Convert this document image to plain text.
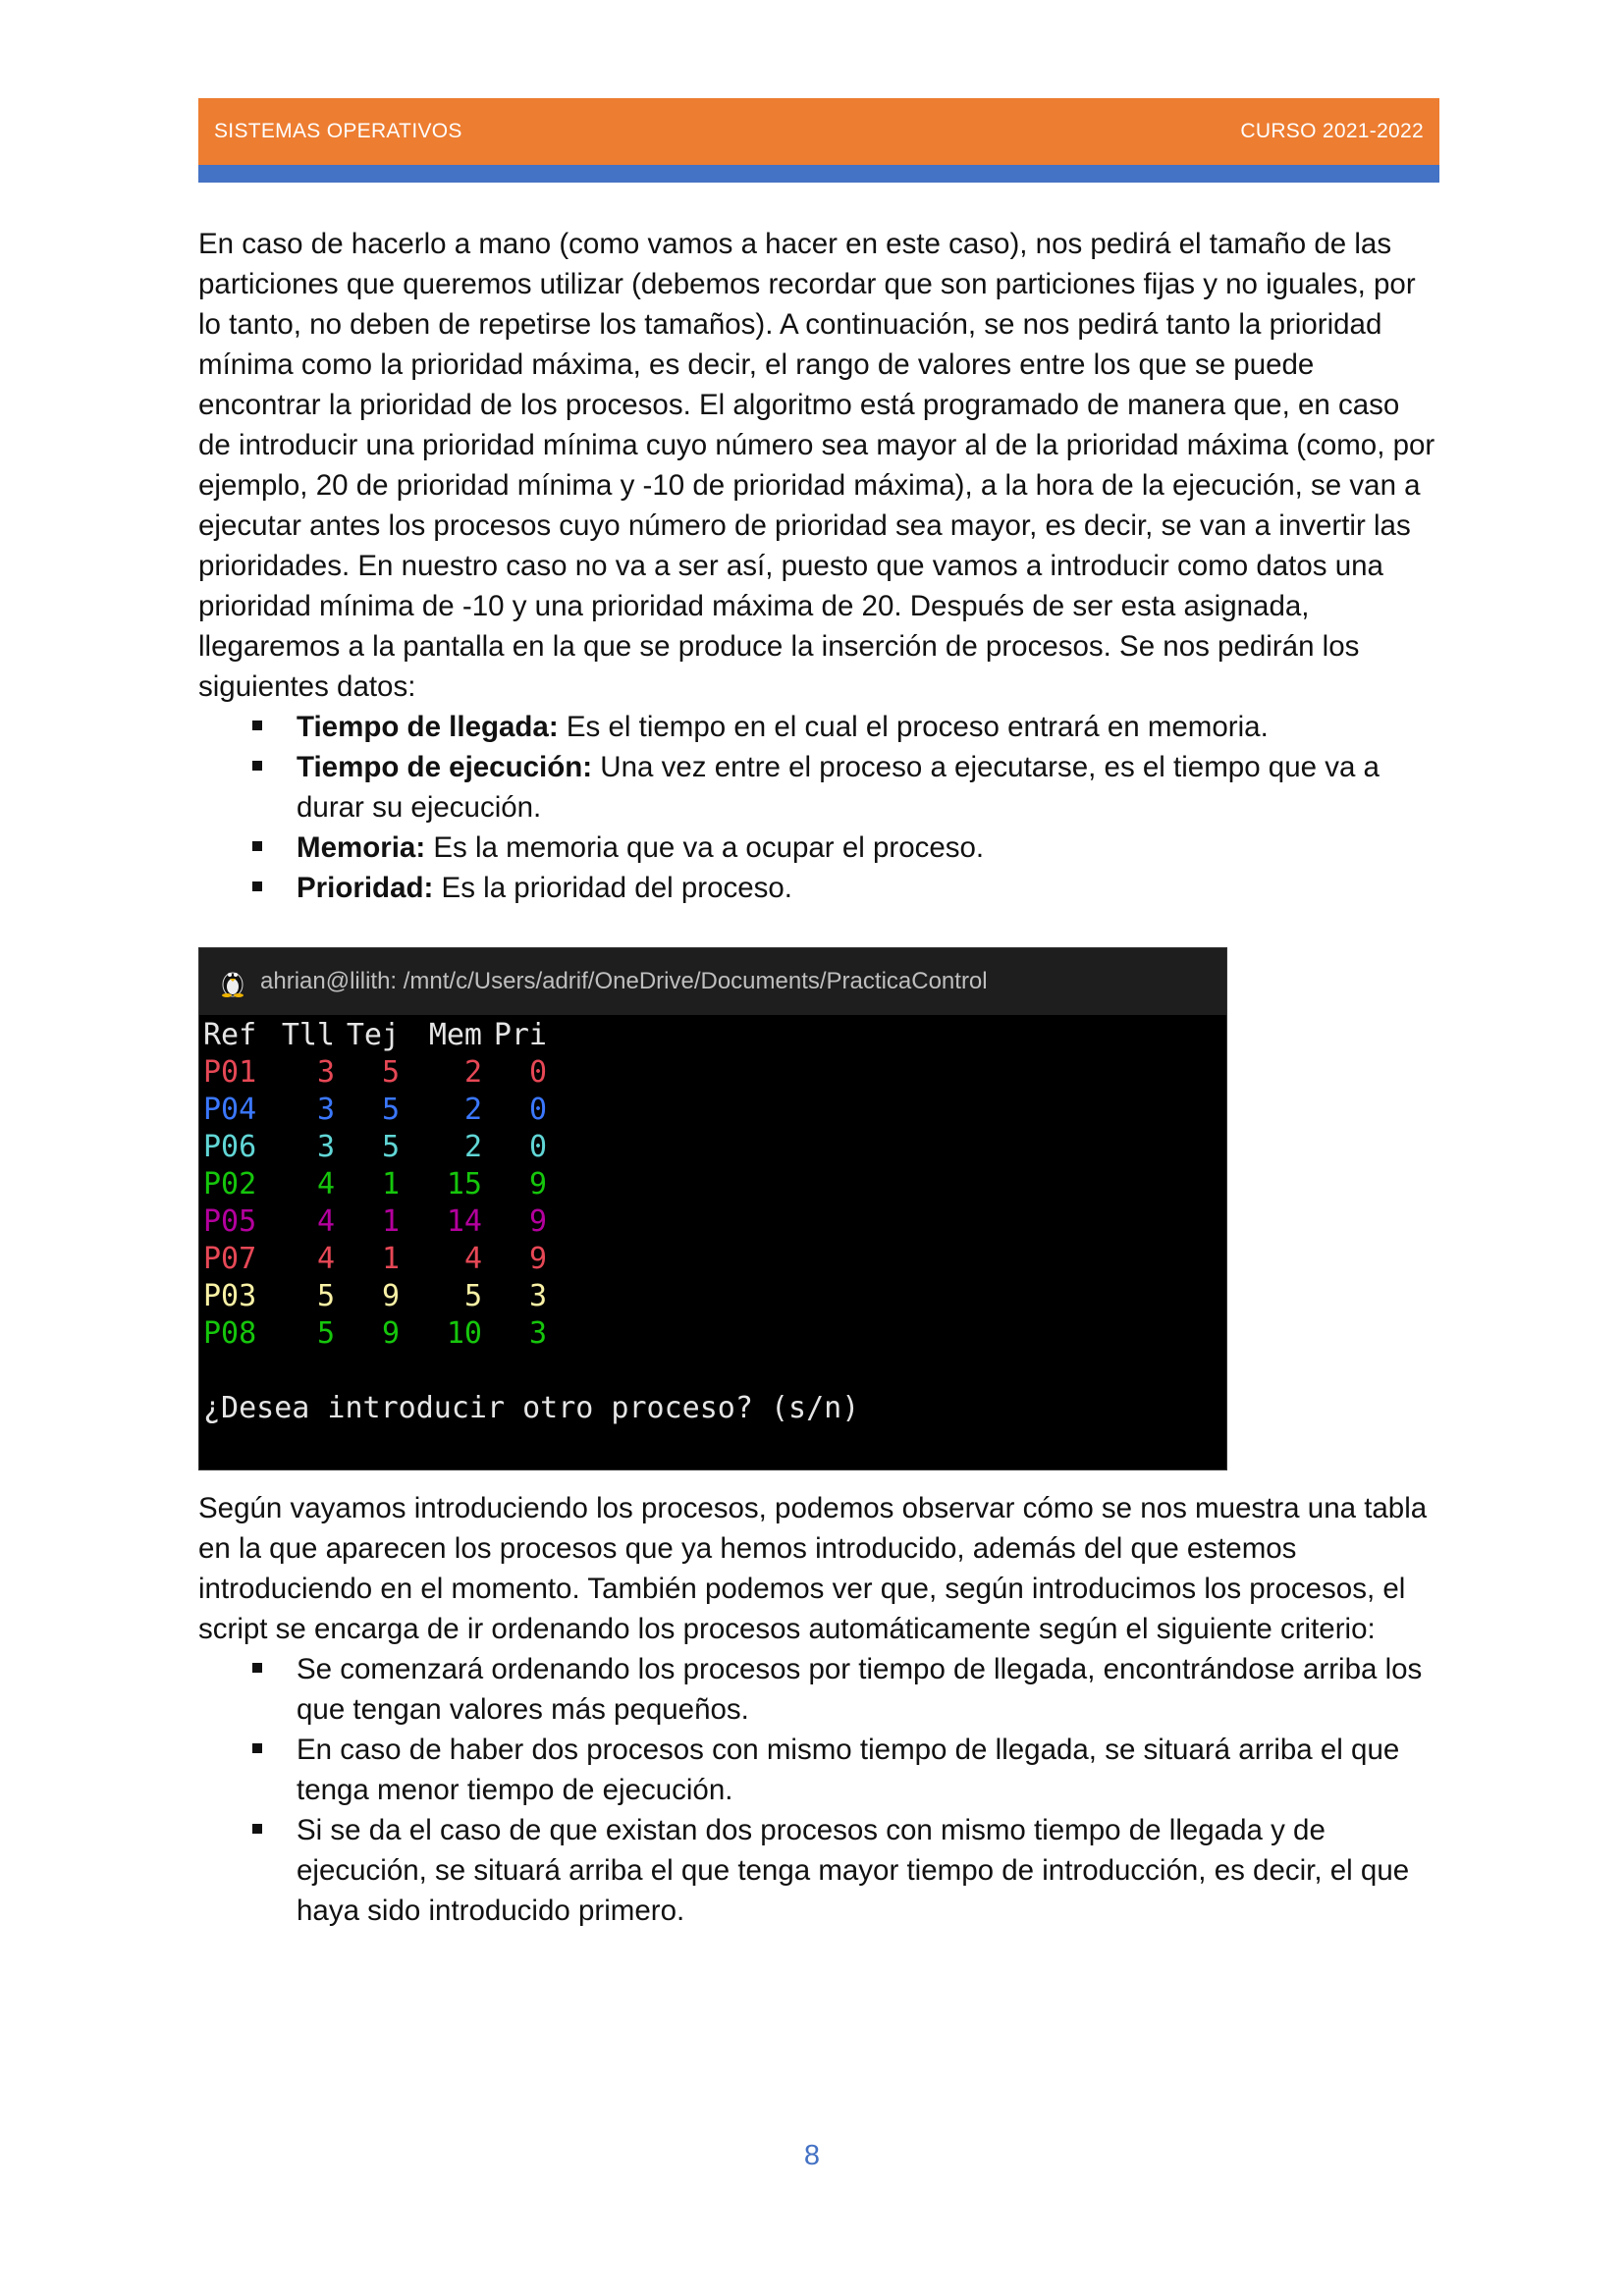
SISTEMAS OPERATIVOS	CURSO 2021-2022

En caso de hacerlo a mano (como vamos a hacer en este caso), nos pedirá el tamaño de las particiones que queremos utilizar (debemos recordar que son particiones fijas y no iguales, por lo tanto, no deben de repetirse los tamaños). A continuación, se nos pedirá tanto la prioridad mínima como la prioridad máxima, es decir, el rango de valores entre los que se puede encontrar la prioridad de los procesos. El algoritmo está programado de manera que, en caso de introducir una prioridad mínima cuyo número sea mayor al de la prioridad máxima (como, por ejemplo, 20 de prioridad mínima y -10 de prioridad máxima), a la hora de la ejecución, se van a ejecutar antes los procesos cuyo número de prioridad sea mayor, es decir, se van a invertir las prioridades. En nuestro caso no va a ser así, puesto que vamos a introducir como datos una prioridad mínima de -10 y una prioridad máxima de 20. Después de ser esta asignada, llegaremos a la pantalla en la que se produce la inserción de procesos. Se nos pedirán los siguientes datos:

Tiempo de llegada: Es el tiempo en el cual el proceso entrará en memoria.
Tiempo de ejecución: Una vez entre el proceso a ejecutarse, es el tiempo que va a durar su ejecución.
Memoria: Es la memoria que va a ocupar el proceso.
Prioridad: Es la prioridad del proceso.
ahrian@lilith: /mnt/c/Users/adrif/OneDrive/Documents/PracticaControl
Ref Tll Tej Mem Pri
P01	3	5	2	0
P04	3	5	2	0
P06	3	5	2	0
P02	4	1	15	9
P05	4	1	14	9
P07	4	1	4	9
P03	5	9	5	3
P08	5	9	10	3
¿Desea introducir otro proceso? (s/n)

Según vayamos introduciendo los procesos, podemos observar cómo se nos muestra una tabla en la que aparecen los procesos que ya hemos introducido, además del que estemos introduciendo en el momento. También podemos ver que, según introducimos los procesos, el script se encarga de ir ordenando los procesos automáticamente según el siguiente criterio:

Se comenzará ordenando los procesos por tiempo de llegada, encontrándose arriba los que tengan valores más pequeños.
En caso de haber dos procesos con mismo tiempo de llegada, se situará arriba el que tenga menor tiempo de ejecución.
Si se da el caso de que existan dos procesos con mismo tiempo de llegada y de ejecución, se situará arriba el que tenga mayor tiempo de introducción, es decir, el que haya sido introducido primero.
8
